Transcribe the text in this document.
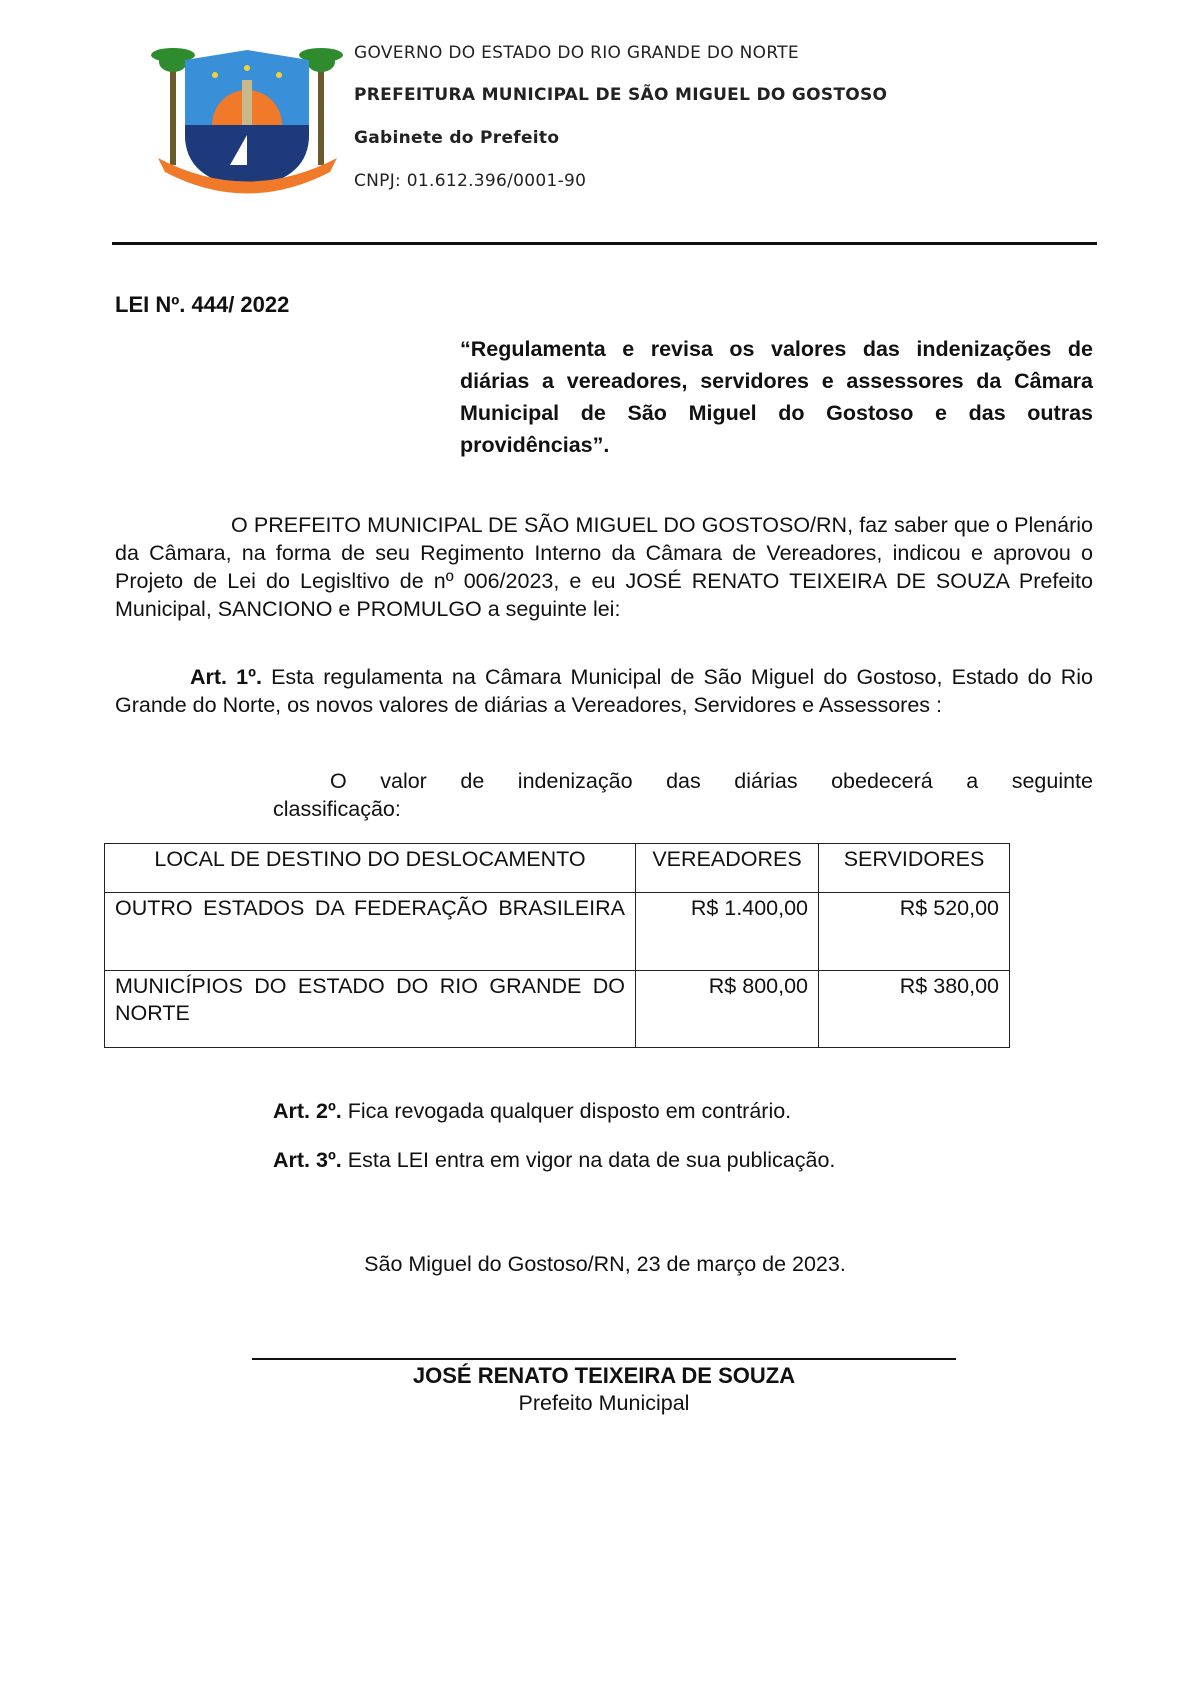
GOVERNO DO ESTADO DO RIO GRANDE DO NORTE
PREFEITURA MUNICIPAL DE SÃO MIGUEL DO GOSTOSO
Gabinete do Prefeito
CNPJ: 01.612.396/0001-90
LEI Nº. 444/ 2022
“Regulamenta e revisa os valores das indenizações de diárias a vereadores, servidores e assessores da Câmara Municipal de São Miguel do Gostoso e das outras providências”.
O PREFEITO MUNICIPAL DE SÃO MIGUEL DO GOSTOSO/RN, faz saber que o Plenário da Câmara, na forma de seu Regimento Interno da Câmara de Vereadores, indicou e aprovou o Projeto de Lei do Legisltivo de nº 006/2023, e eu JOSÉ RENATO TEIXEIRA DE SOUZA Prefeito Municipal, SANCIONO e PROMULGO a seguinte lei:
Art. 1º. Esta regulamenta na Câmara Municipal de São Miguel do Gostoso, Estado do Rio Grande do Norte, os novos valores de diárias a Vereadores, Servidores e Assessores :
O valor de indenização das diárias obedecerá a seguinte classificação:
LOCAL DE DESTINO DO DESLOCAMENTO	VEREADORES	SERVIDORES
OUTRO ESTADOS DA FEDERAÇÃO BRASILEIRA	R$ 1.400,00	R$ 520,00
MUNICÍPIOS DO ESTADO DO RIO GRANDE DO NORTE	R$ 800,00	R$ 380,00
Art. 2º. Fica revogada qualquer disposto em contrário.
Art. 3º. Esta LEI entra em vigor na data de sua publicação.
São Miguel do Gostoso/RN, 23 de março de 2023.
JOSÉ RENATO TEIXEIRA DE SOUZA
Prefeito Municipal
